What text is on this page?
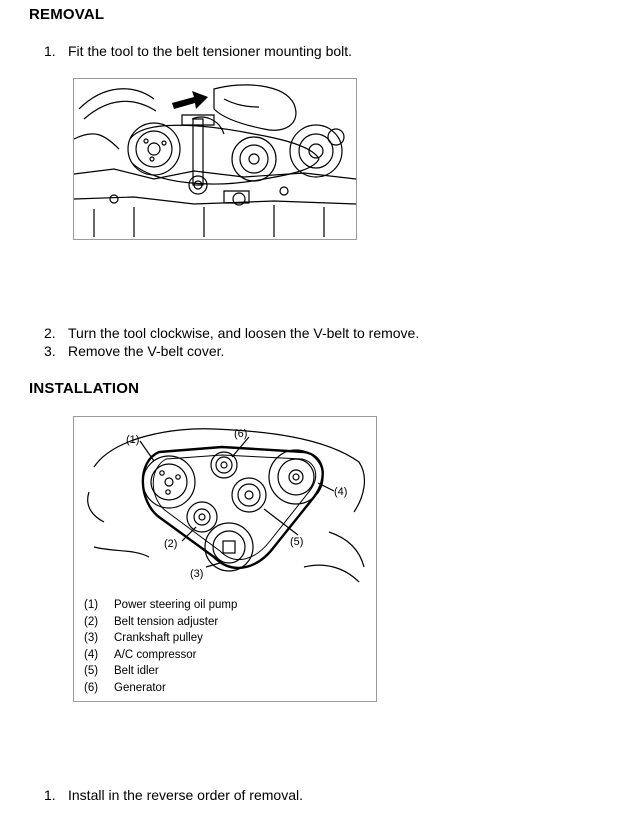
REMOVAL
1. Fit the tool to the belt tensioner mounting bolt.
2. Turn the tool clockwise, and loosen the V-belt to remove.
3. Remove the V-belt cover.
INSTALLATION
(1)	(6)
(4)
(5)
(2)
(3)
(1)	Power steering oil pump
(2)	Belt tension adjuster
(3)	Crankshaft pulley
(4)	A/C compressor
(5)	Belt idler
(6)	Generator
1. Install in the reverse order of removal.
